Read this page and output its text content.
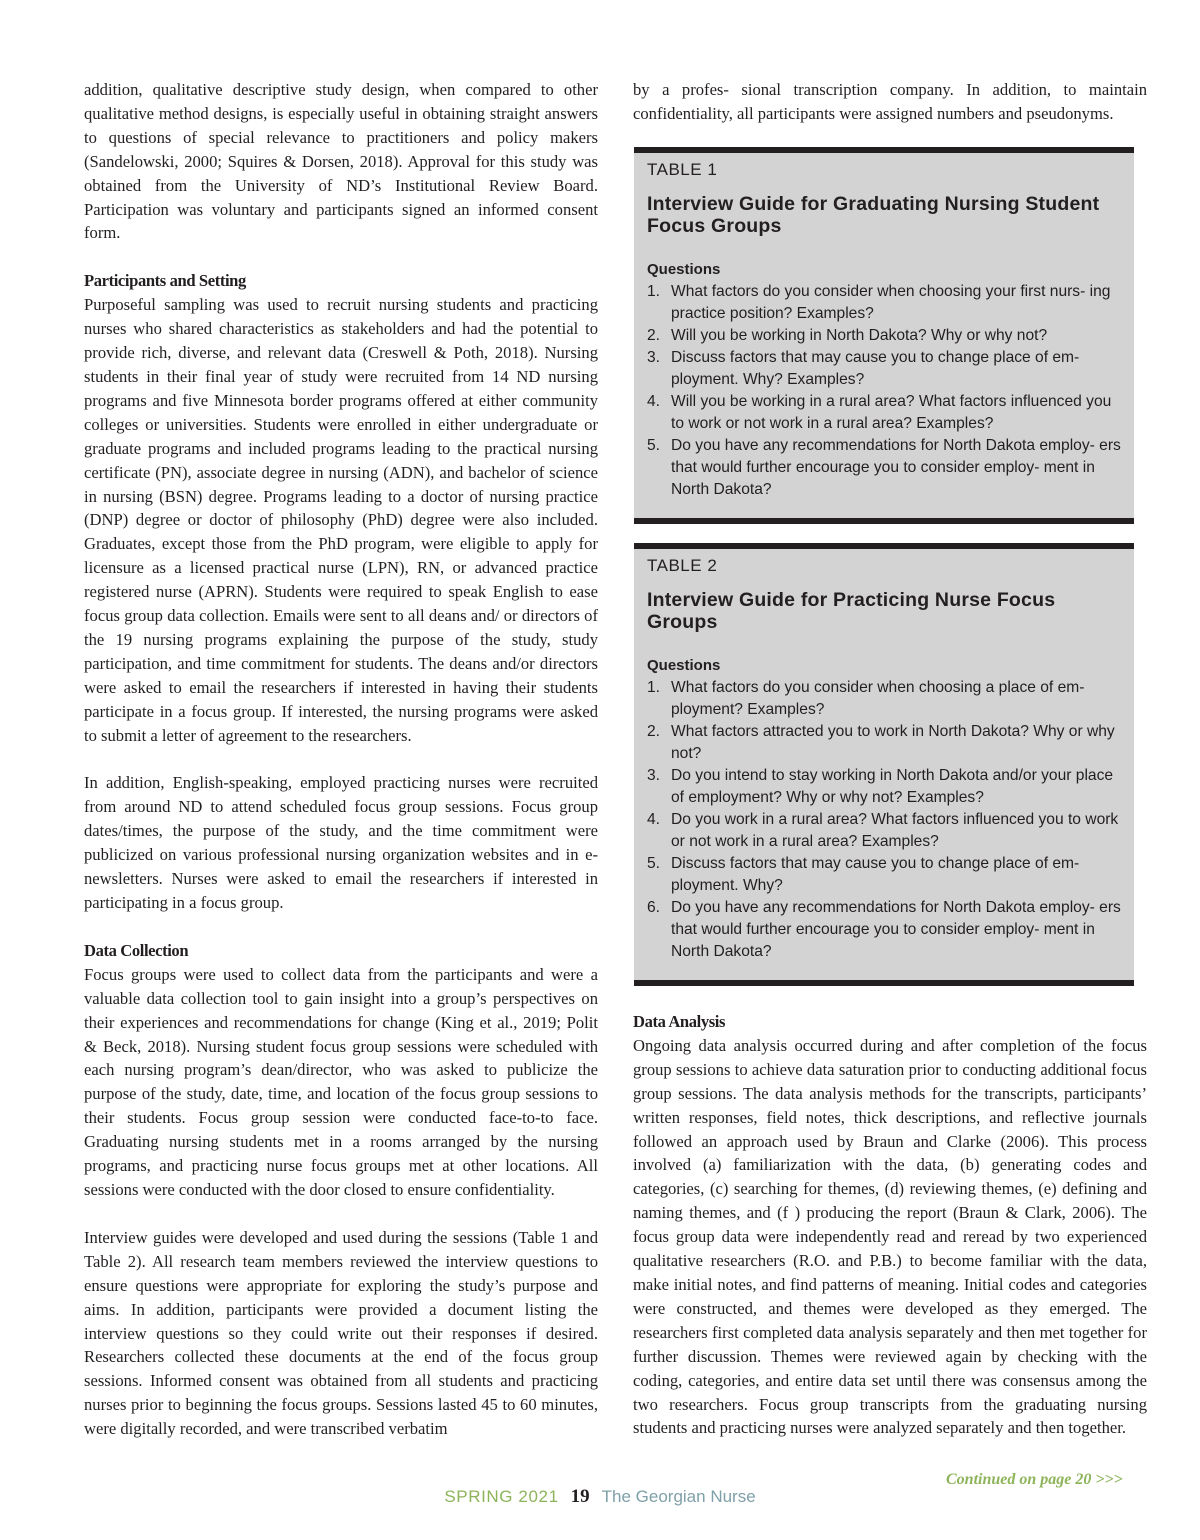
addition, qualitative descriptive study design, when compared to other qualitative method designs, is especially useful in obtaining straight answers to questions of special relevance to practitioners and policy makers (Sandelowski, 2000; Squires & Dorsen, 2018). Approval for this study was obtained from the University of ND’s Institutional Review Board. Participation was voluntary and participants signed an informed consent form.

Participants and Setting

Purposeful sampling was used to recruit nursing students and practicing nurses who shared characteristics as stakeholders and had the potential to provide rich, diverse, and relevant data (Creswell & Poth, 2018). Nursing students in their final year of study were recruited from 14 ND nursing programs and five Minnesota border programs offered at either community colleges or universities. Students were enrolled in either undergraduate or graduate programs and included programs leading to the practical nursing certificate (PN), associate degree in nursing (ADN), and bachelor of science in nursing (BSN) degree. Programs leading to a doctor of nursing practice (DNP) degree or doctor of philosophy (PhD) degree were also included. Graduates, except those from the PhD program, were eligible to apply for licensure as a licensed practical nurse (LPN), RN, or advanced practice registered nurse (APRN). Students were required to speak English to ease focus group data collection. Emails were sent to all deans and/ or directors of the 19 nursing programs explaining the purpose of the study, study participation, and time commitment for students. The deans and/or directors were asked to email the researchers if interested in having their students participate in a focus group. If interested, the nursing programs were asked to submit a letter of agreement to the researchers.

In addition, English-speaking, employed practicing nurses were recruited from around ND to attend scheduled focus group sessions. Focus group dates/times, the purpose of the study, and the time commitment were publicized on various professional nursing organization websites and in e-newsletters. Nurses were asked to email the researchers if interested in participating in a focus group.

Data Collection

Focus groups were used to collect data from the participants and were a valuable data collection tool to gain insight into a group’s perspectives on their experiences and recommendations for change (King et al., 2019; Polit & Beck, 2018). Nursing student focus group sessions were scheduled with each nursing program’s dean/director, who was asked to publicize the purpose of the study, date, time, and location of the focus group sessions to their students. Focus group session were conducted face-to-to face. Graduating nursing students met in a rooms arranged by the nursing programs, and practicing nurse focus groups met at other locations. All sessions were conducted with the door closed to ensure confidentiality.

Interview guides were developed and used during the sessions (Table 1 and Table 2). All research team members reviewed the interview questions to ensure questions were appropriate for exploring the study’s purpose and aims. In addition, participants were provided a document listing the interview questions so they could write out their responses if desired. Researchers collected these documents at the end of the focus group sessions. Informed consent was obtained from all students and practicing nurses prior to beginning the focus groups. Sessions lasted 45 to 60 minutes, were digitally recorded, and were transcribed verbatim

by a profes- sional transcription company. In addition, to maintain confidentiality, all participants were assigned numbers and pseudonyms.

TABLE 1

Interview Guide for Graduating Nursing Student Focus Groups

Questions

1. What factors do you consider when choosing your first nurs- ing practice position? Examples?
2. Will you be working in North Dakota? Why or why not?
3. Discuss factors that may cause you to change place of em- ployment. Why? Examples?
4. Will you be working in a rural area? What factors influenced you to work or not work in a rural area? Examples?
5. Do you have any recommendations for North Dakota employ- ers that would further encourage you to consider employ- ment in North Dakota?

TABLE 2

Interview Guide for Practicing Nurse Focus Groups

Questions

1. What factors do you consider when choosing a place of em- ployment? Examples?
2. What factors attracted you to work in North Dakota? Why or why not?
3. Do you intend to stay working in North Dakota and/or your place of employment? Why or why not? Examples?
4. Do you work in a rural area? What factors influenced you to work or not work in a rural area? Examples?
5. Discuss factors that may cause you to change place of em- ployment. Why?
6. Do you have any recommendations for North Dakota employ- ers that would further encourage you to consider employ- ment in North Dakota?
Data Analysis

Ongoing data analysis occurred during and after completion of the focus group sessions to achieve data saturation prior to conducting additional focus group sessions. The data analysis methods for the transcripts, participants’ written responses, field notes, thick descriptions, and reflective journals followed an approach used by Braun and Clarke (2006). This process involved (a) familiarization with the data, (b) generating codes and categories, (c) searching for themes, (d) reviewing themes, (e) defining and naming themes, and (f ) producing the report (Braun & Clark, 2006). The focus group data were independently read and reread by two experienced qualitative researchers (R.O. and P.B.) to become familiar with the data, make initial notes, and find patterns of meaning. Initial codes and categories were constructed, and themes were developed as they emerged. The researchers first completed data analysis separately and then met together for further discussion. Themes were reviewed again by checking with the coding, categories, and entire data set until there was consensus among the two researchers. Focus group transcripts from the graduating nursing students and practicing nurses were analyzed separately and then together.

Continued on page 20 >>>
SPRING 2021 19 The Georgian Nurse
